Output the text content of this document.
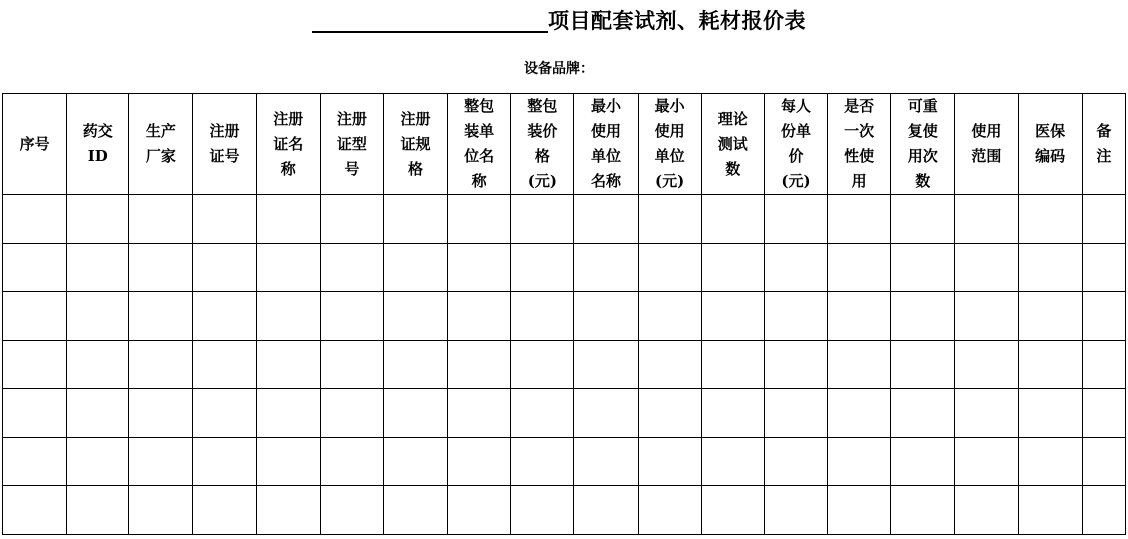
项目配套试剂、耗材报价表
设备品牌：
序号	药交
ID	生产
厂家	注册
证号	注册
证名
称	注册
证型
号	注册
证规
格	整包
装单
位名
称	整包
装价
格
(元)	最小
使用
单位
名称	最小
使用
单位
(元)	理论
测试
数	每人
份单
价
(元)	是否
一次
性使
用	可重
复使
用次
数	使用
范围	医保
编码	备
注
